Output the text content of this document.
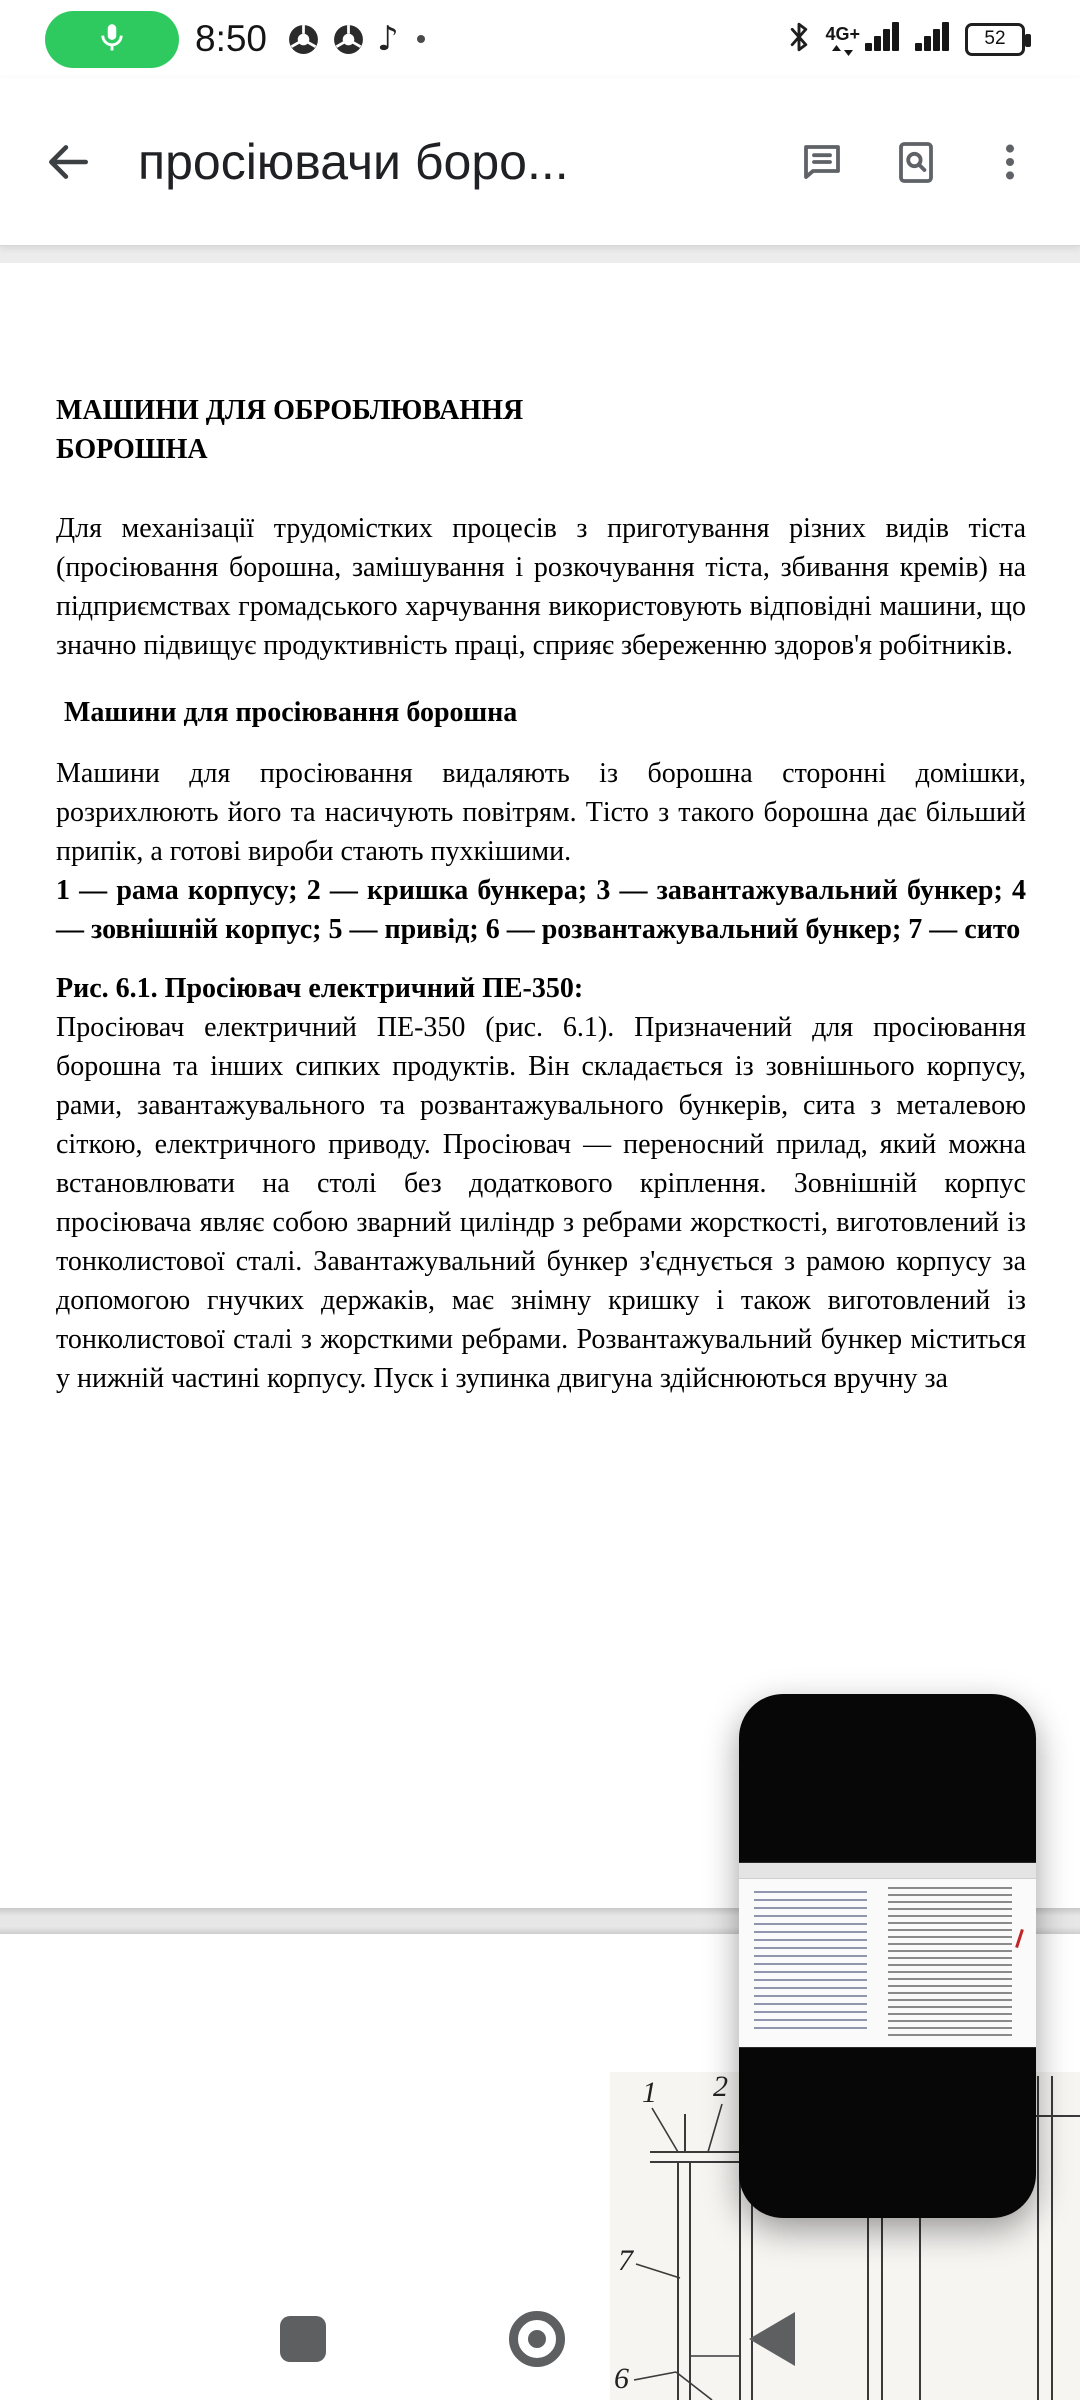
8:50	♪	4G+	52
просіювачи боро...
МАШИНИ ДЛЯ ОБРОБЛЮВАННЯ
БОРОШНА

Для механізації трудомістких процесів з приготування різних видів тіста (просіювання борошна, замішування і розкочування тіста, збивання кремів) на підприємствах громадського харчування використовують відповідні машини, що значно підвищує продуктивність праці, сприяє збереженню здоров'я робітників.

Машини для просіювання борошна

Машини для просіювання видаляють із борошна сторонні домішки, розрихлюють його та насичують повітрям. Тісто з такого борошна дає більший припік, а готові вироби стають пухкішими.

1 — рама корпусу; 2 — кришка бункера; 3 — завантажувальний бункер; 4 — зовнішній корпус; 5 — привід; 6 — розвантажувальний бункер; 7 — сито

Рис. 6.1. Просіювач електричний ПЕ-350:

Просіювач електричний ПЕ-350 (рис. 6.1). Призначений для просіювання борошна та інших сипких продуктів. Він складається із зовнішнього корпусу, рами, завантажувального та розвантажувального бункерів, сита з металевою сіткою, електричного приводу. Просіювач — переносний прилад, який можна встановлювати на столі без додаткового кріплення. Зовнішній корпус просіювача являє собою зварний циліндр з ребрами жорсткості, виготовлений із тонколистової сталі. Завантажувальний бункер з'єднується з рамою корпусу за допомогою гнучких держаків, має знімну кришку і також виготовлений із тонколистової сталі з жорсткими ребрами. Розвантажувальний бункер міститься у нижній частині корпусу. Пуск і зупинка двигуна здійснюються вручну за

1 2
7
6
